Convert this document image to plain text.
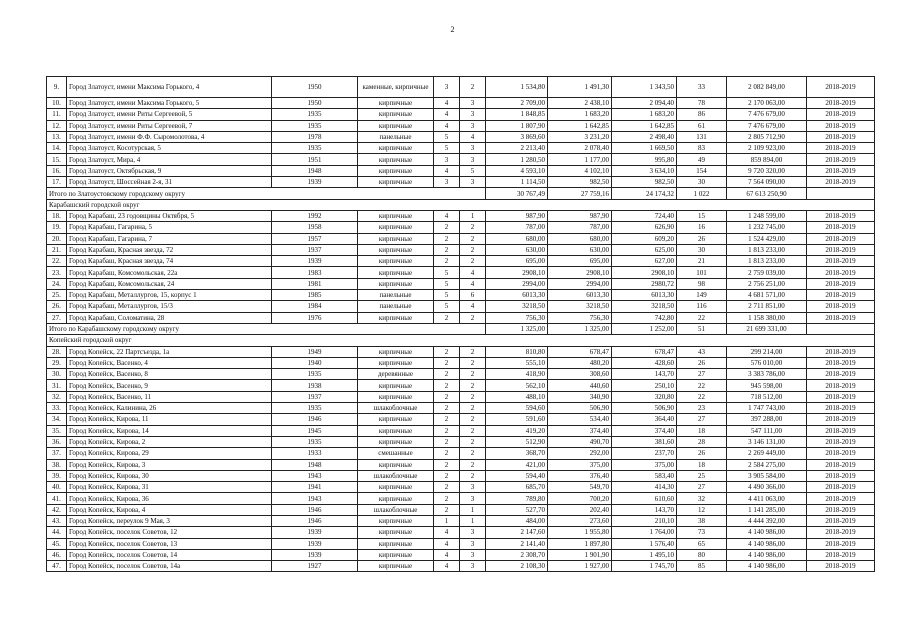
2
9.	Город Златоуст, имени Максима Горького, 4	1950	каменные, кирпичные	3	2	1 534,80	1 491,30	1 343,50	33	2 082 849,00	2018-2019
10.	Город Златоуст, имени Максима Горького, 5	1950	кирпичные	4	3	2 709,00	2 438,10	2 094,40	78	2 170 063,00	2018-2019
11.	Город Златоуст, имени Риты Сергеевой, 5	1935	кирпичные	4	3	1 848,85	1 683,20	1 683,20	86	7 476 679,00	2018-2019
12.	Город Златоуст, имени Риты Сергеевой, 7	1935	кирпичные	4	3	1 807,90	1 642,85	1 642,85	61	7 476 679,00	2018-2019
13.	Город Златоуст, имени Ф.Ф. Сыромолотова, 4	1978	панельные	5	4	3 869,60	3 231,20	2 498,40	131	2 805 712,90	2018-2019
14.	Город Златоуст, Косотурская, 5	1935	кирпичные	5	3	2 213,40	2 078,40	1 669,50	83	2 109 923,00	2018-2019
15.	Город Златоуст, Мира, 4	1951	кирпичные	3	3	1 280,50	1 177,00	995,80	49	859 894,00	2018-2019
16.	Город Златоуст, Октябрьская, 9	1948	кирпичные	4	5	4 593,10	4 102,10	3 634,10	154	9 720 320,00	2018-2019
17.	Город Златоуст, Шоссейная 2-я, 31	1939	кирпичные	3	3	1 114,50	982,50	982,50	30	7 564 090,00	2018-2019
Итого по Златоустовскому городскому округу						30 767,49	27 759,16	24 174,32	1 022	67 613 250,90	
Карабашский городской округ											
18.	Город Карабаш, 23 годовщины Октября, 5	1992	кирпичные	4	1	987,90	987,90	724,40	15	1 248 599,00	2018-2019
19.	Город Карабаш, Гагарина, 5	1958	кирпичные	2	2	787,00	787,00	626,90	16	1 232 745,00	2018-2019
20.	Город Карабаш, Гагарина, 7	1957	кирпичные	2	2	680,00	680,00	609,20	26	1 524 429,00	2018-2019
21.	Город Карабаш, Красная звезда, 72	1937	кирпичные	2	2	630,00	630,00	625,00	30	1 813 233,00	2018-2019
22.	Город Карабаш, Красная звезда, 74	1939	кирпичные	2	2	695,00	695,00	627,00	21	1 813 233,00	2018-2019
23.	Город Карабаш, Комсомольская, 22а	1983	кирпичные	5	4	2908,10	2908,10	2908,10	101	2 759 039,00	2018-2019
24.	Город Карабаш, Комсомольская, 24	1981	кирпичные	5	4	2994,00	2994,00	2980,72	98	2 756 251,00	2018-2019
25.	Город Карабаш, Металлургов, 15, корпус 1	1985	панельные	5	6	6013,30	6013,30	6013,30	149	4 681 571,00	2018-2019
26.	Город Карабаш, Металлургов, 15/3	1984	панельные	5	4	3218,50	3218,50	3218,50	116	2 711 851,00	2018-2019
27.	Город Карабаш, Соломатина, 28	1976	кирпичные	2	2	756,30	756,30	742,80	22	1 158 380,00	2018-2019
Итого по Карабашскому городскому округу						1 325,00	1 325,00	1 252,00	51	21 699 331,00	
Копейский городской округ											
28.	Город Копейск, 22 Партсъезда, 1а	1949	кирпичные	2	2	810,80	678,47	678,47	43	299 214,00	2018-2019
29.	Город Копейск, Васенко, 4	1940	кирпичные	2	2	555,10	480,20	428,60	26	576 010,00	2018-2019
30.	Город Копейск, Васенко, 8	1935	деревянные	2	2	418,90	308,60	143,70	27	3 383 786,00	2018-2019
31.	Город Копейск, Васенко, 9	1938	кирпичные	2	2	562,10	440,60	250,10	22	945 598,00	2018-2019
32.	Город Копейск, Васенко, 11	1937	кирпичные	2	2	488,10	340,90	320,80	22	718 512,00	2018-2019
33.	Город Копейск, Калинина, 26	1935	шлакоблочные	2	2	594,60	506,90	506,90	23	1 747 743,00	2018-2019
34.	Город Копейск, Кирова, 11	1946	кирпичные	2	2	591,60	534,40	364,40	27	397 288,00	2018-2019
35.	Город Копейск, Кирова, 14	1945	кирпичные	2	2	419,20	374,40	374,40	18	547 111,00	2018-2019
36.	Город Копейск, Кирова, 2	1935	кирпичные	2	2	512,90	490,70	381,60	28	3 146 131,00	2018-2019
37.	Город Копейск, Кирова, 29	1933	смешанные	2	2	368,70	292,00	237,70	26	2 269 449,00	2018-2019
38.	Город Копейск, Кирова, 3	1948	кирпичные	2	2	421,00	375,00	375,00	18	2 584 275,00	2018-2019
39.	Город Копейск, Кирова, 30	1943	шлакоблочные	2	2	594,40	376,40	583,40	25	3 905 584,00	2018-2019
40.	Город Копейск, Кирова, 31	1941	кирпичные	2	3	685,70	549,70	414,30	27	4 490 366,00	2018-2019
41.	Город Копейск, Кирова, 36	1943	кирпичные	2	3	789,80	700,20	610,60	32	4 411 063,00	2018-2019
42.	Город Копейск, Кирова, 4	1946	шлакоблочные	2	1	527,70	202,40	143,70	12	1 141 285,00	2018-2019
43.	Город Копейск, переулок 9 Мая, 3	1946	кирпичные	1	1	484,00	273,60	210,10	38	4 444 392,00	2018-2019
44.	Город Копейск, поселок Советов, 12	1939	кирпичные	4	3	2 147,60	1 955,80	1 764,00	73	4 140 986,00	2018-2019
45.	Город Копейск, поселок Советов, 13	1939	кирпичные	4	3	2 141,40	1 897,80	1 576,40	65	4 140 986,00	2018-2019
46.	Город Копейск, поселок Советов, 14	1939	кирпичные	4	3	2 308,70	1 901,90	1 495,10	80	4 140 986,00	2018-2019
47.	Город Копейск, поселок Советов, 14а	1927	кирпичные	4	3	2 108,30	1 927,00	1 745,70	85	4 140 986,00	2018-2019
